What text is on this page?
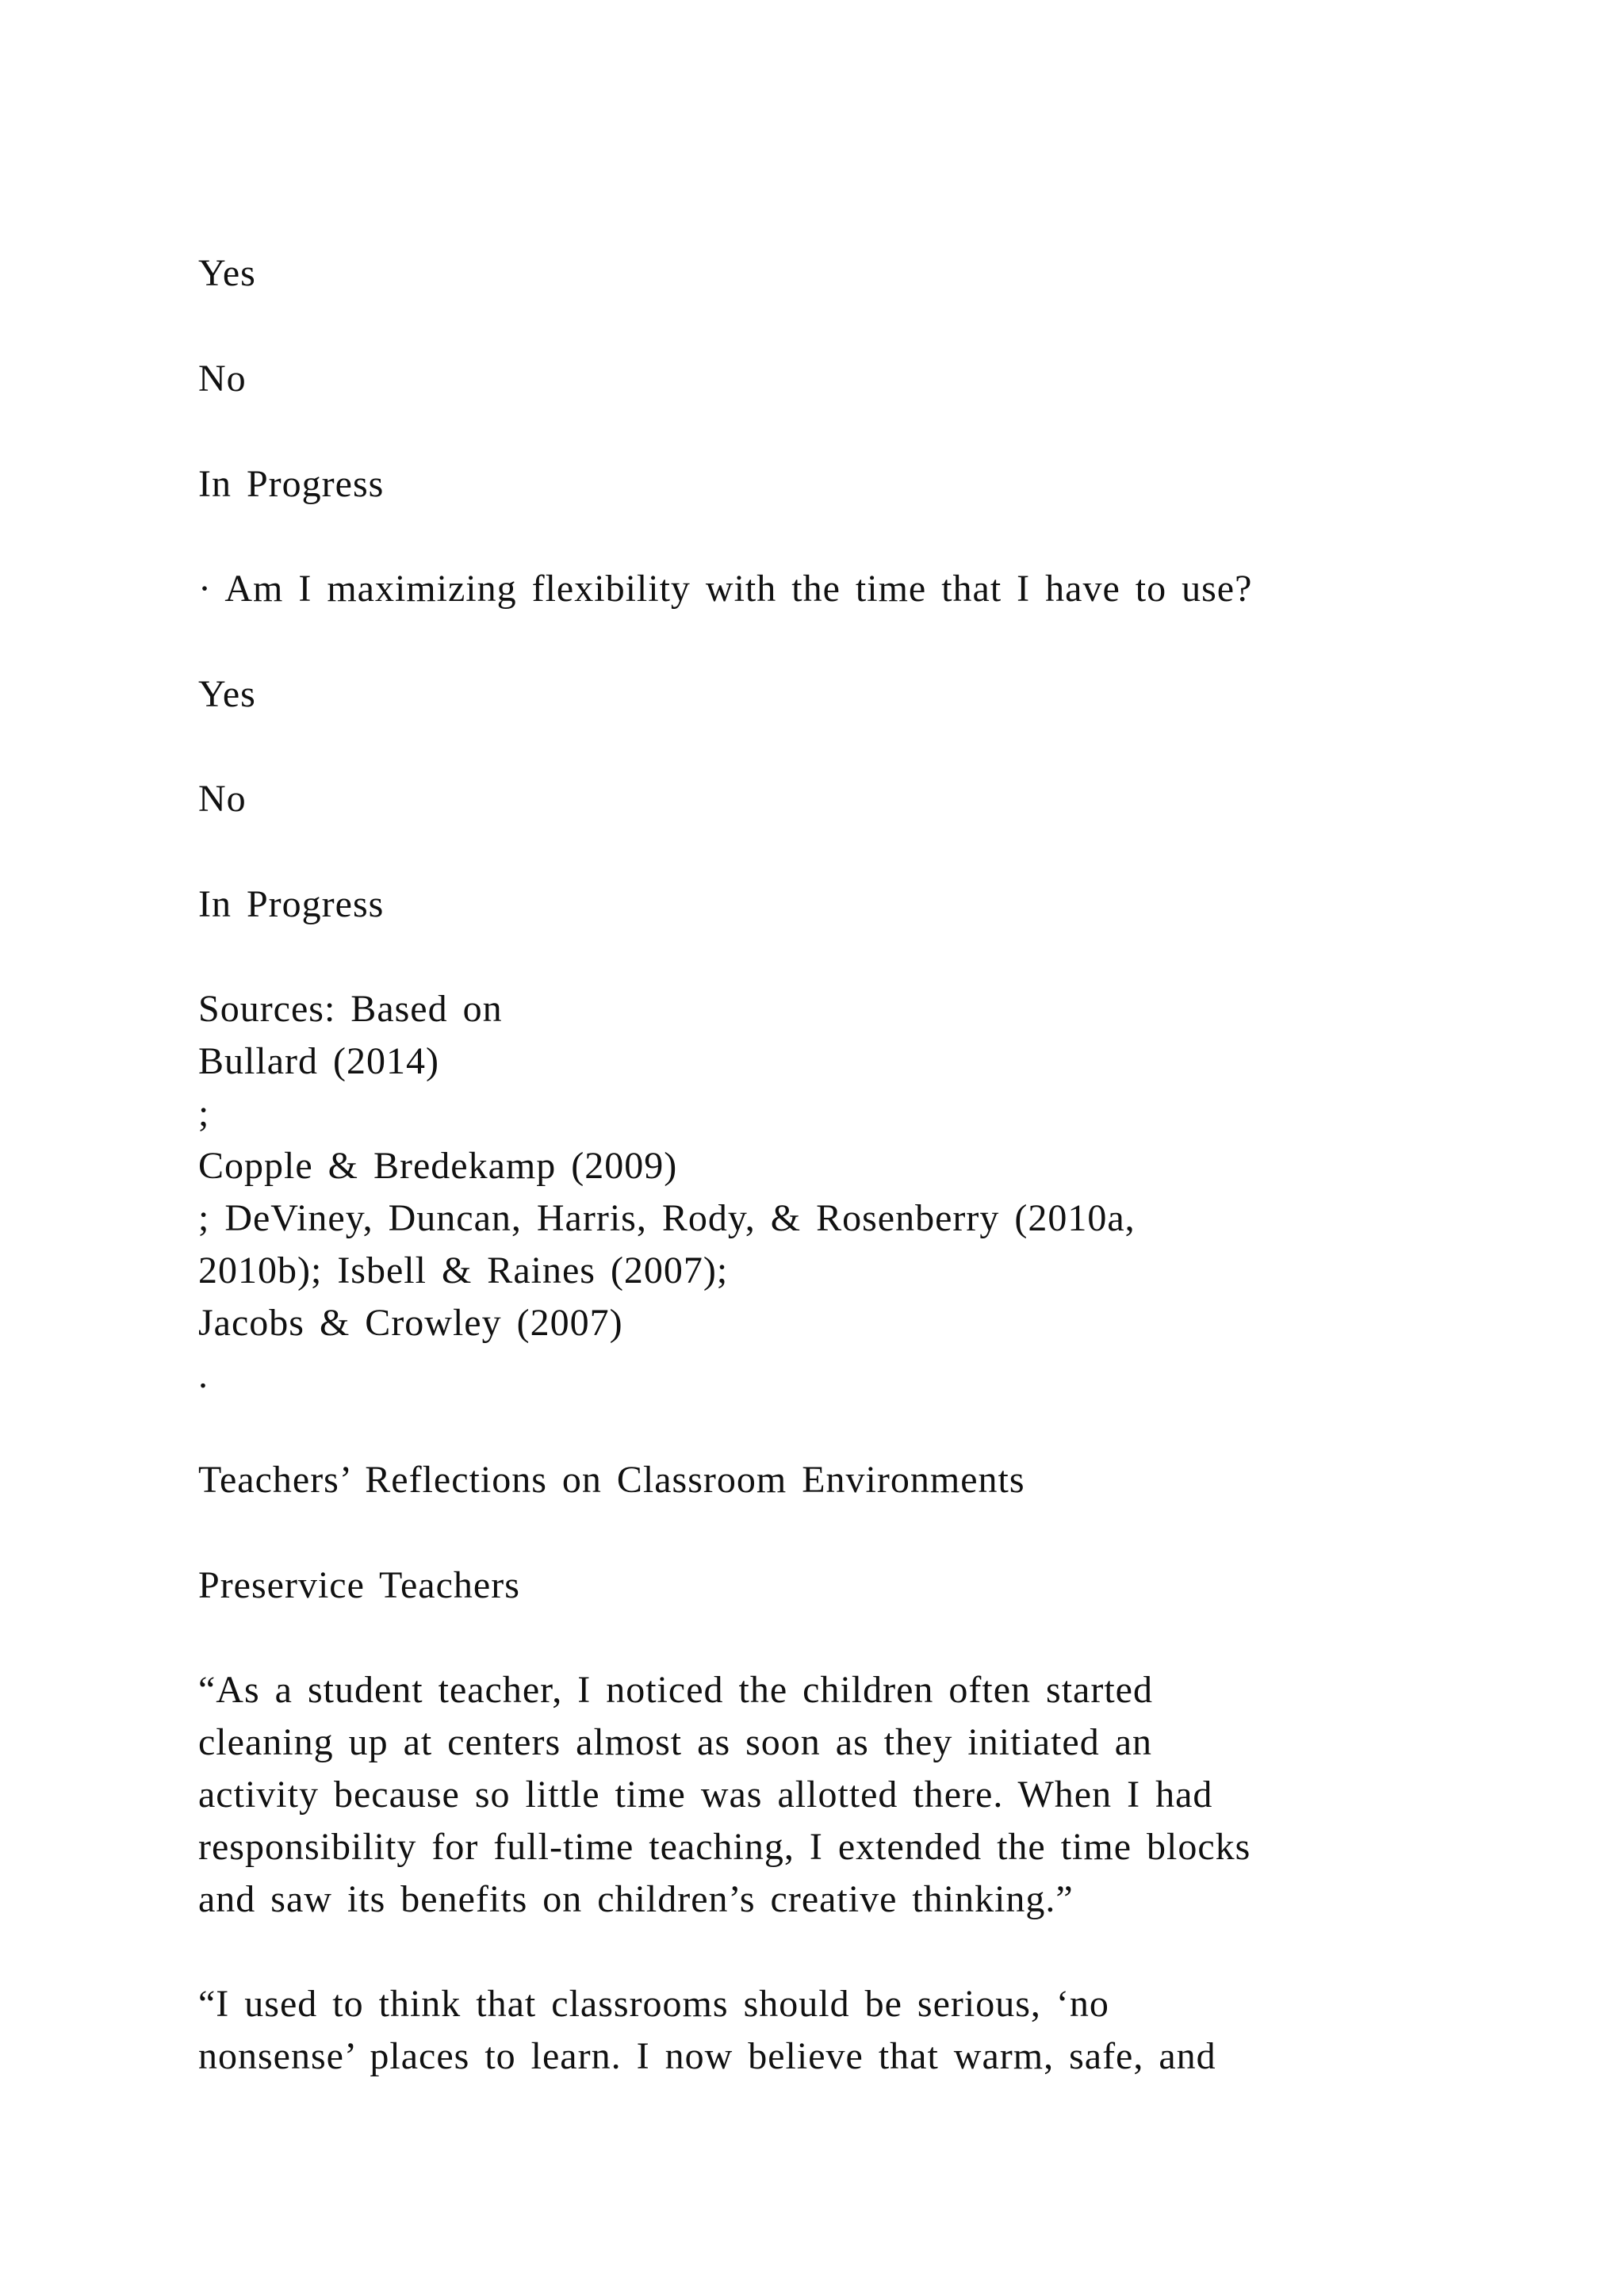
Yes

No

In Progress

· Am I maximizing flexibility with the time that I have to use?

Yes

No

In Progress

Sources: Based on

Bullard (2014)

;

Copple & Bredekamp (2009)

; DeViney, Duncan, Harris, Rody, & Rosenberry (2010a,

2010b); Isbell & Raines (2007);

Jacobs & Crowley (2007)

.

Teachers’ Reflections on Classroom Environments

Preservice Teachers

“As a student teacher, I noticed the children often started

cleaning up at centers almost as soon as they initiated an

activity because so little time was allotted there. When I had

responsibility for full-time teaching, I extended the time blocks

and saw its benefits on children’s creative thinking.”

“I used to think that classrooms should be serious, ‘no

nonsense’ places to learn. I now believe that warm, safe, and
